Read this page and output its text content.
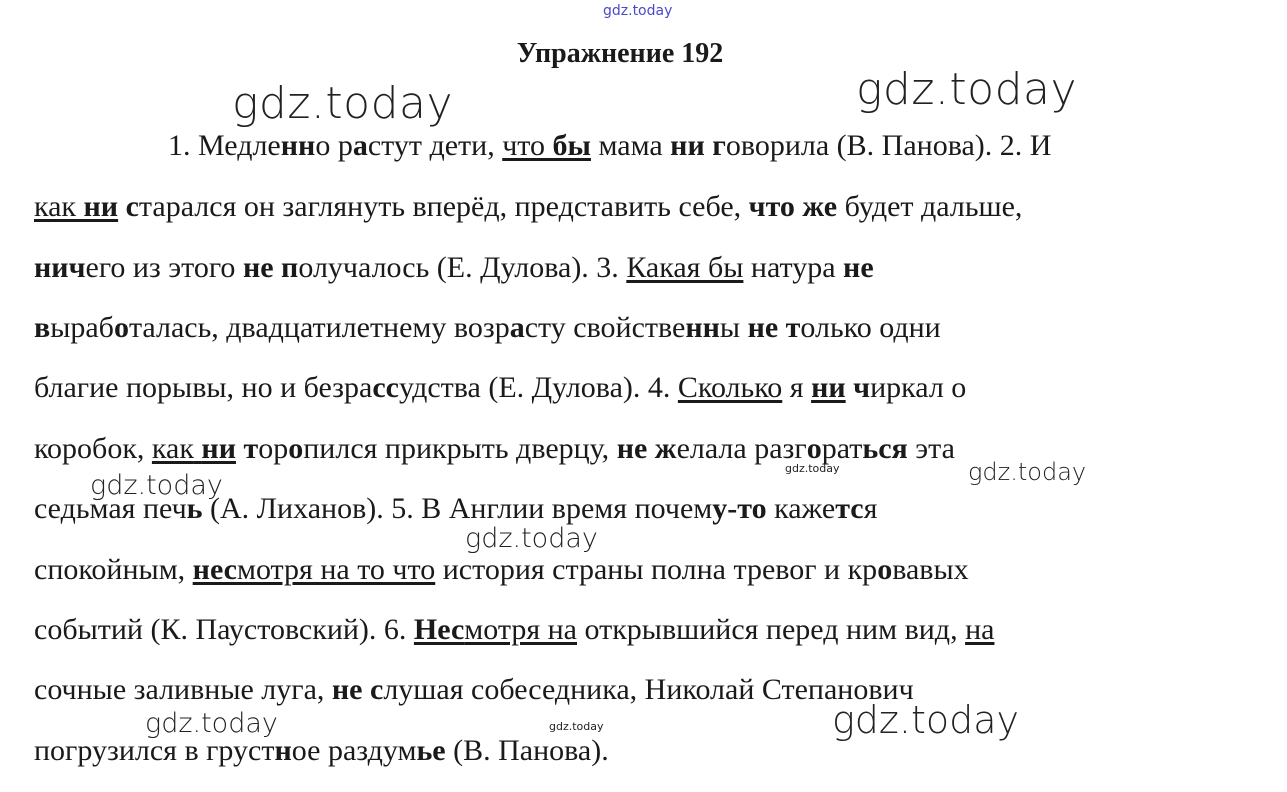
gdz.today
Упражнение 192
1. Медленно растут дети, что бы мама ни говорила (В. Панова). 2. И
как ни старался он заглянуть вперёд, представить себе, что же будет дальше,
ничего из этого не получалось (Е. Дулова). 3. Какая бы натура не
выработалась, двадцатилетнему возрасту свойственны не только одни
благие порывы, но и безрассудства (Е. Дулова). 4. Сколько я ни чиркал о
коробок, как ни торопился прикрыть дверцу, не желала разгораться эта
седьмая печь (А. Лиханов). 5. В Англии время почему-то кажется
спокойным, несмотря на то что история страны полна тревог и кровавых
событий (К. Паустовский). 6. Несмотря на открывшийся перед ним вид, на
сочные заливные луга, не слушая собеседника, Николай Степанович
погрузился в грустное раздумье (В. Панова).
gdz.today	gdz.today
gdz.today
gdz.today
gdz.today
gdz.today
gdz.today	gdz.today	gdz.today
